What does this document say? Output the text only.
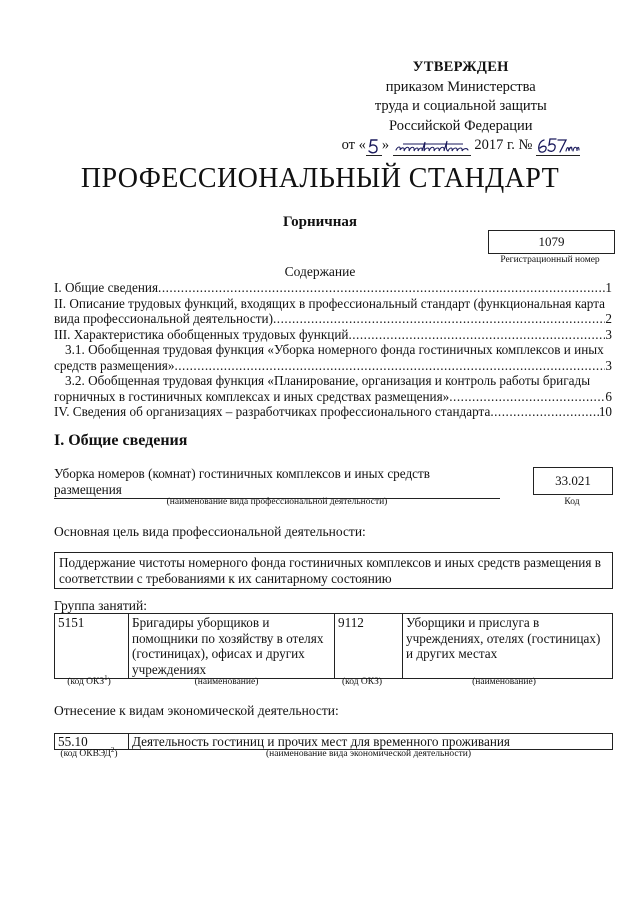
УТВЕРЖДЕН
приказом Министерства
труда и социальной защиты
Российской Федерации
от « »	2017 г. №
ПРОФЕССИОНАЛЬНЫЙ СТАНДАРТ
Горничная
1079
Регистрационный номер
Содержание
I. Общие сведения .....	1
II. Описание трудовых функций, входящих в профессиональный стандарт (функциональная карта
вида профессиональной деятельности) .....	2
III. Характеристика обобщенных трудовых функций .....	3
3.1. Обобщенная трудовая функция «Уборка номерного фонда гостиничных комплексов и иных
средств размещения» .....	3
3.2. Обобщенная трудовая функция «Планирование, организация и контроль работы бригады
горничных в гостиничных комплексах и иных средствах размещения» .....	6
IV. Сведения об организациях – разработчиках профессионального стандарта .....	10
I. Общие сведения
Уборка номеров (комнат) гостиничных комплексов и иных средств размещения
33.021
(наименование вида профессиональной деятельности)	Код
Основная цель вида профессиональной деятельности:
Поддержание чистоты номерного фонда гостиничных комплексов и иных средств размещения в соответствии с требованиями к их санитарному состоянию
Группа занятий:
5151	Бригадиры уборщиков и помощники по хозяйству в отелях (гостиницах), офисах и других учреждениях	9112	Уборщики и прислуга в учреждениях, отелях (гостиницах) и других местах
(код ОКЗ$^1$)	(наименование)	(код ОКЗ)	(наименование)
Отнесение к видам экономической деятельности:
55.10	Деятельность гостиниц и прочих мест для временного проживания
(код ОКВЭД$^2$)	(наименование вида экономической деятельности)
